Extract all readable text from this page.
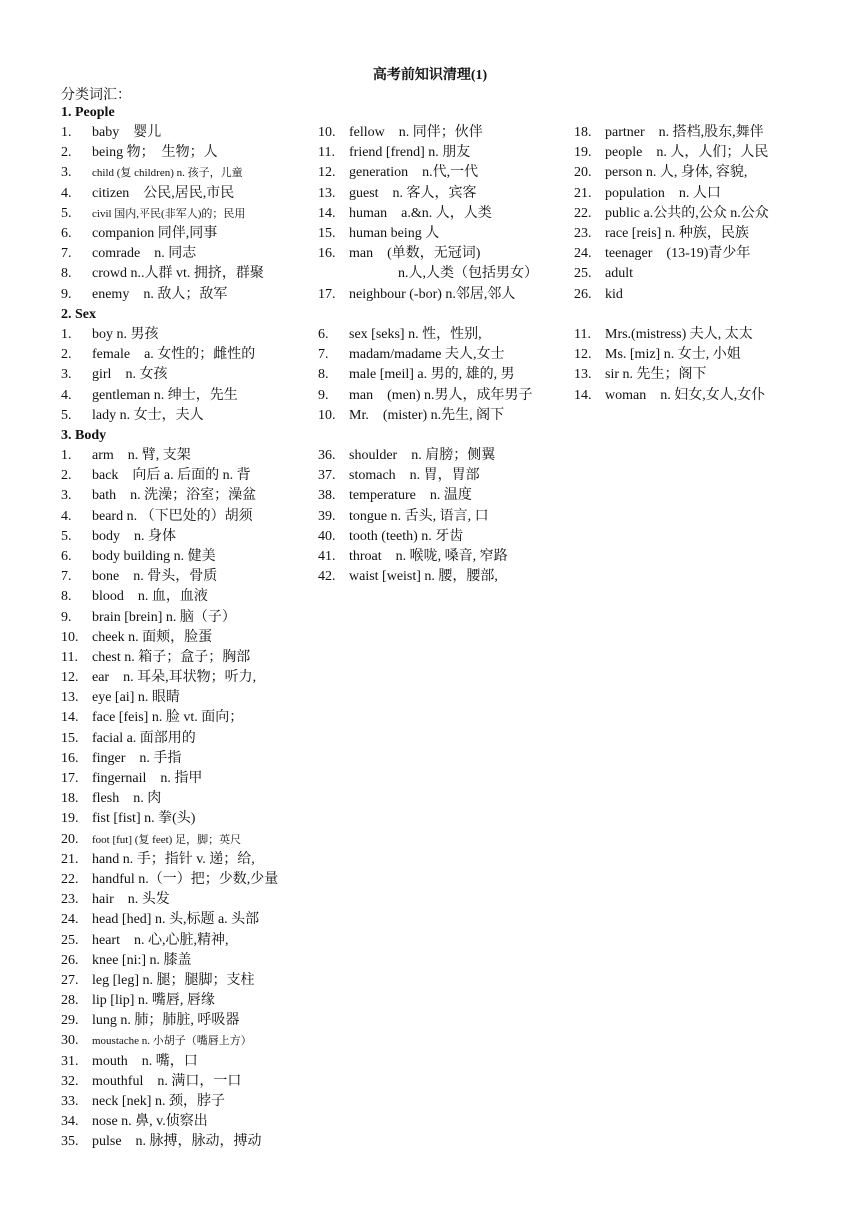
高考前知识清理(1)
分类词汇：
1. People
2. Sex
3. Body
1. baby　婴儿
2. being 物；　生物；人
3. child (复 children) n. 孩子，儿童
4. citizen　公民,居民,市民
5. civil 国内,平民(非军人)的；民用
6. companion 同伴,同事
7. comrade　n. 同志
8. crowd n..人群 vt. 拥挤，群聚
9. enemy　n. 敌人；敌军
10. fellow　n. 同伴；伙伴
11. friend [frend] n. 朋友
12. generation　n.代,一代
13. guest　n. 客人，宾客
14. human　a.&n. 人，人类
15. human being 人
16. man　(单数，无冠词)
n.人,人类（包括男女）
17. neighbour (-bor) n.邻居,邻人
18. partner　n. 搭档,股东,舞伴
19. people　n. 人，人们；人民
20. person n. 人, 身体, 容貌,
21. population　n. 人口
22. public a.公共的,公众 n.公众
23. race [reis] n. 种族，民族
24. teenager　(13-19)青少年
25. adult
26. kid
1. boy n. 男孩
2. female　a. 女性的；雌性的
3. girl　n. 女孩
4. gentleman n. 绅士，先生
5. lady n. 女士，夫人
6. sex [seks] n. 性，性别,
7. madam/madame 夫人,女士
8. male [meil] a. 男的, 雄的, 男
9. man　(men) n.男人，成年男子
10. Mr.　(mister) n.先生, 阁下
11. Mrs.(mistress) 夫人, 太太
12. Ms. [miz] n. 女士, 小姐
13. sir n. 先生；阁下
14. woman　n. 妇女,女人,女仆
1. arm　n. 臂, 支架
2. back　向后 a. 后面的 n. 背
3. bath　n. 洗澡；浴室；澡盆
4. beard n. （下巴处的）胡须
5. body　n. 身体
6. body building n. 健美
7. bone　n. 骨头，骨质
8. blood　n. 血，血液
9. brain [brein] n. 脑（子）
10. cheek n. 面颊，脸蛋
11. chest n. 箱子；盒子；胸部
12. ear　n. 耳朵,耳状物；听力,
13. eye [ai] n. 眼睛
14. face [feis] n. 脸 vt. 面向；
15. facial a. 面部用的
16. finger　n. 手指
17. fingernail　n. 指甲
18. flesh　n. 肉
19. fist [fist] n. 拳(头)
20. foot [fut] (复 feet) 足，脚；英尺
21. hand n. 手；指针 v. 递；给,
22. handful n.（一）把；少数,少量
23. hair　n. 头发
24. head [hed] n. 头,标题 a. 头部
25. heart　n. 心,心脏,精神,
26. knee [ni:] n. 膝盖
27. leg [leg] n. 腿；腿脚；支柱
28. lip [lip] n. 嘴唇, 唇缘
29. lung n. 肺；肺脏, 呼吸器
30. moustache n. 小胡子（嘴唇上方）
31. mouth　n. 嘴，口
32. mouthful　n. 满口，一口
33. neck [nek] n. 颈，脖子
34. nose n. 鼻, v.侦察出
35. pulse　n. 脉搏，脉动，搏动
36. shoulder　n. 肩膀；侧翼
37. stomach　n. 胃，胃部
38. temperature　n. 温度
39. tongue n. 舌头, 语言, 口
40. tooth (teeth) n. 牙齿
41. throat　n. 喉咙, 嗓音, 窄路
42. waist [weist] n. 腰，腰部,
